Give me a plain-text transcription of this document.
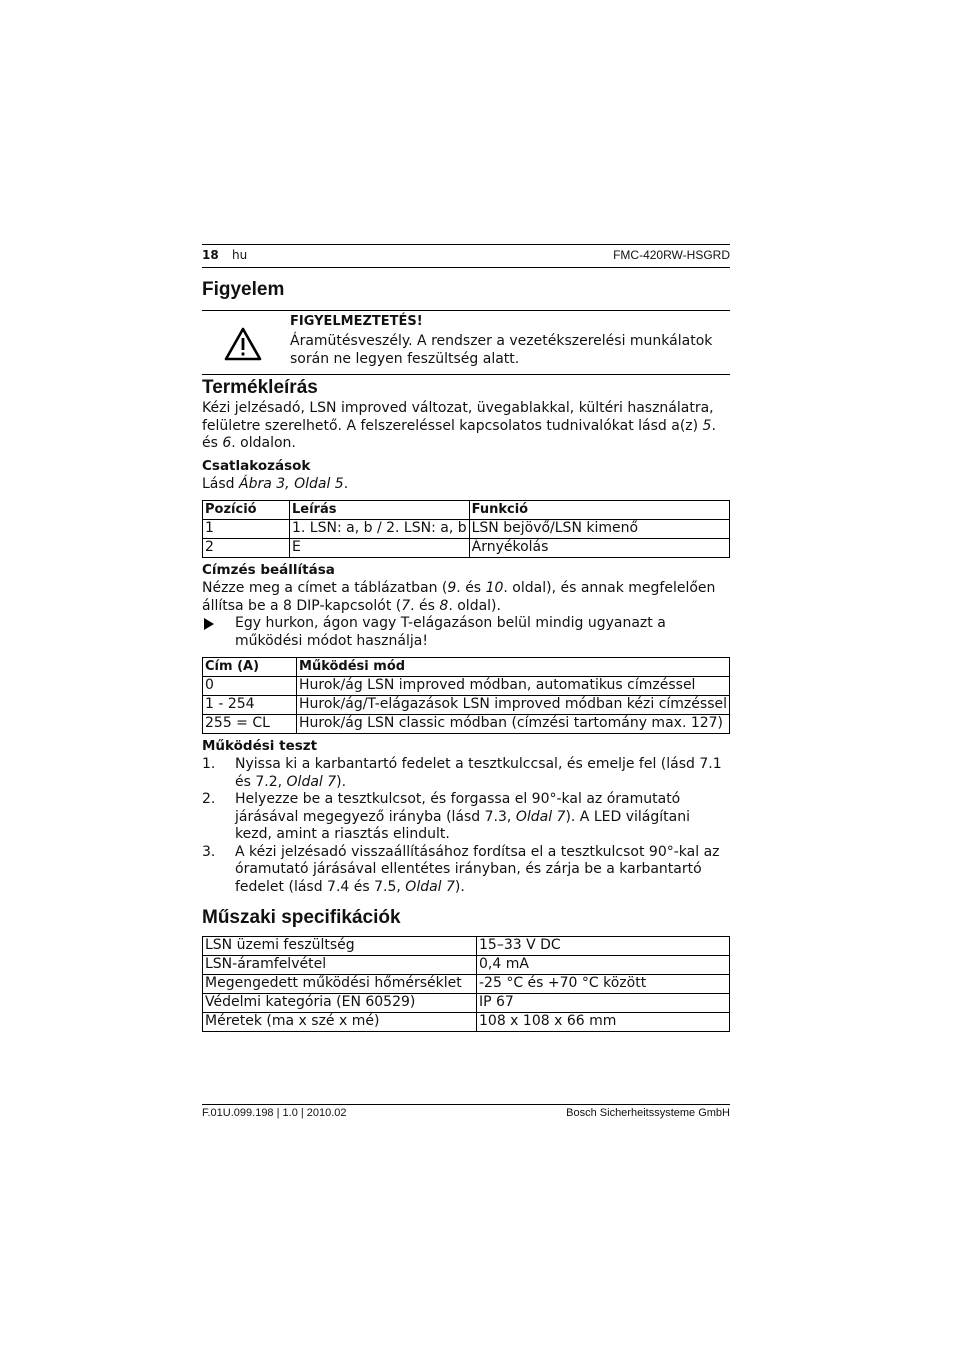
18 hu	FMC-420RW-HSGRD
Figyelem
FIGYELMEZTETÉS!
Áramütésveszély. A rendszer a vezetékszerelési munkálatok során ne legyen feszültség alatt.
Termékleírás

Kézi jelzésadó, LSN improved változat, üvegablakkal, kültéri használatra, felületre szerelhető. A felszereléssel kapcsolatos tudnivalókat lásd a(z) 5. és 6. oldalon.

Csatlakozások

Lásd Ábra 3, Oldal 5.

Pozíció	Leírás	Funkció
1	1. LSN: a, b / 2. LSN: a, b	LSN bejövő/LSN kimenő
2	E	Árnyékolás

Címzés beállítása

Nézze meg a címet a táblázatban (9. és 10. oldal), és annak megfelelően állítsa be a 8 DIP-kapcsolót (7. és 8. oldal).

Egy hurkon, ágon vagy T-elágazáson belül mindig ugyanazt a működési módot használja!
Cím (A)	Működési mód
0	Hurok/ág LSN improved módban, automatikus címzéssel
1 - 254	Hurok/ág/T-elágazások LSN improved módban kézi címzéssel
255 = CL	Hurok/ág LSN classic módban (címzési tartomány max. 127)

Működési teszt

1. Nyissa ki a karbantartó fedelet a tesztkulccsal, és emelje fel (lásd 7.1 és 7.2, Oldal 7).
2. Helyezze be a tesztkulcsot, és forgassa el 90°-kal az óramutató járásával megegyező irányba (lásd 7.3, Oldal 7). A LED világítani kezd, amint a riasztás elindult.
3. A kézi jelzésadó visszaállításához fordítsa el a tesztkulcsot 90°-kal az óramutató járásával ellentétes irányban, és zárja be a karbantartó fedelet (lásd 7.4 és 7.5, Oldal 7).
Műszaki specifikációk
LSN üzemi feszültség	15–33 V DC
LSN-áramfelvétel	0,4 mA
Megengedett működési hőmérséklet	-25 °C és +70 °C között
Védelmi kategória (EN 60529)	IP 67
Méretek (ma x szé x mé)	108 x 108 x 66 mm
F.01U.099.198 | 1.0 | 2010.02	Bosch Sicherheitssysteme GmbH
